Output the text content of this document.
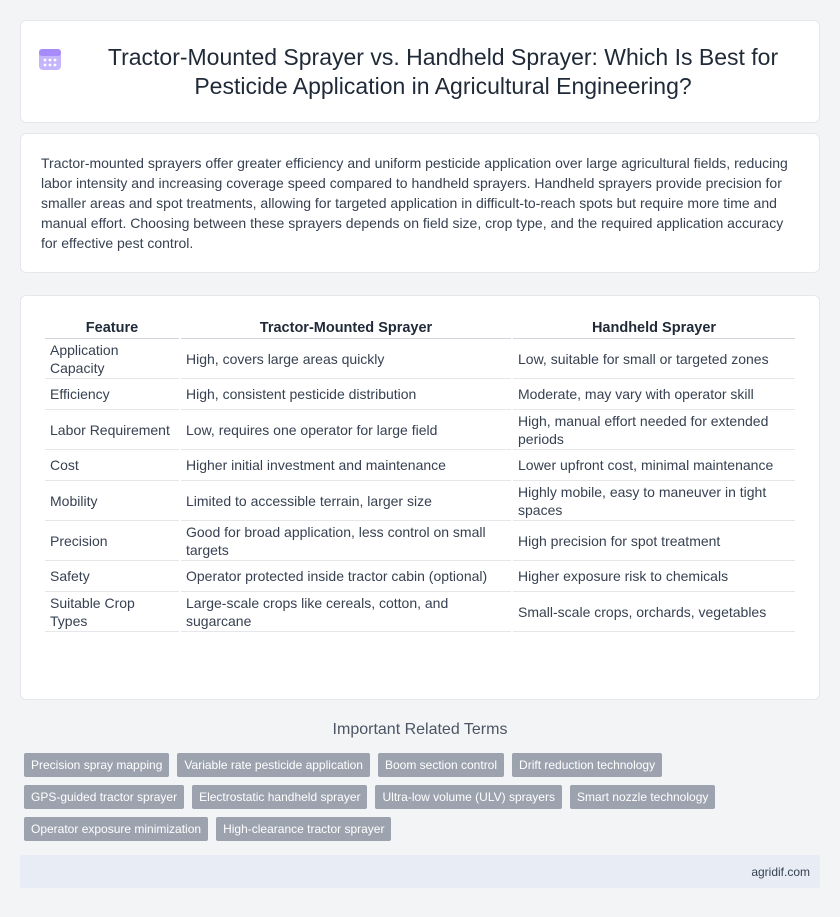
Tractor-Mounted Sprayer vs. Handheld Sprayer: Which Is Best for Pesticide Application in Agricultural Engineering?

Tractor-mounted sprayers offer greater efficiency and uniform pesticide application over large agricultural fields, reducing labor intensity and increasing coverage speed compared to handheld sprayers. Handheld sprayers provide precision for smaller areas and spot treatments, allowing for targeted application in difficult-to-reach spots but require more time and manual effort. Choosing between these sprayers depends on field size, crop type, and the required application accuracy for effective pest control.

Feature	Tractor-Mounted Sprayer	Handheld Sprayer
Application Capacity	High, covers large areas quickly	Low, suitable for small or targeted zones
Efficiency	High, consistent pesticide distribution	Moderate, may vary with operator skill
Labor Requirement	Low, requires one operator for large field	High, manual effort needed for extended periods
Cost	Higher initial investment and maintenance	Lower upfront cost, minimal maintenance
Mobility	Limited to accessible terrain, larger size	Highly mobile, easy to maneuver in tight spaces
Precision	Good for broad application, less control on small targets	High precision for spot treatment
Safety	Operator protected inside tractor cabin (optional)	Higher exposure risk to chemicals
Suitable Crop Types	Large-scale crops like cereals, cotton, and sugarcane	Small-scale crops, orchards, vegetables
Important Related Terms
Precision spray mapping	Variable rate pesticide application	Boom section control	Drift reduction technology
GPS-guided tractor sprayer	Electrostatic handheld sprayer	Ultra-low volume (ULV) sprayers	Smart nozzle technology
Operator exposure minimization	High-clearance tractor sprayer
agridif.com
